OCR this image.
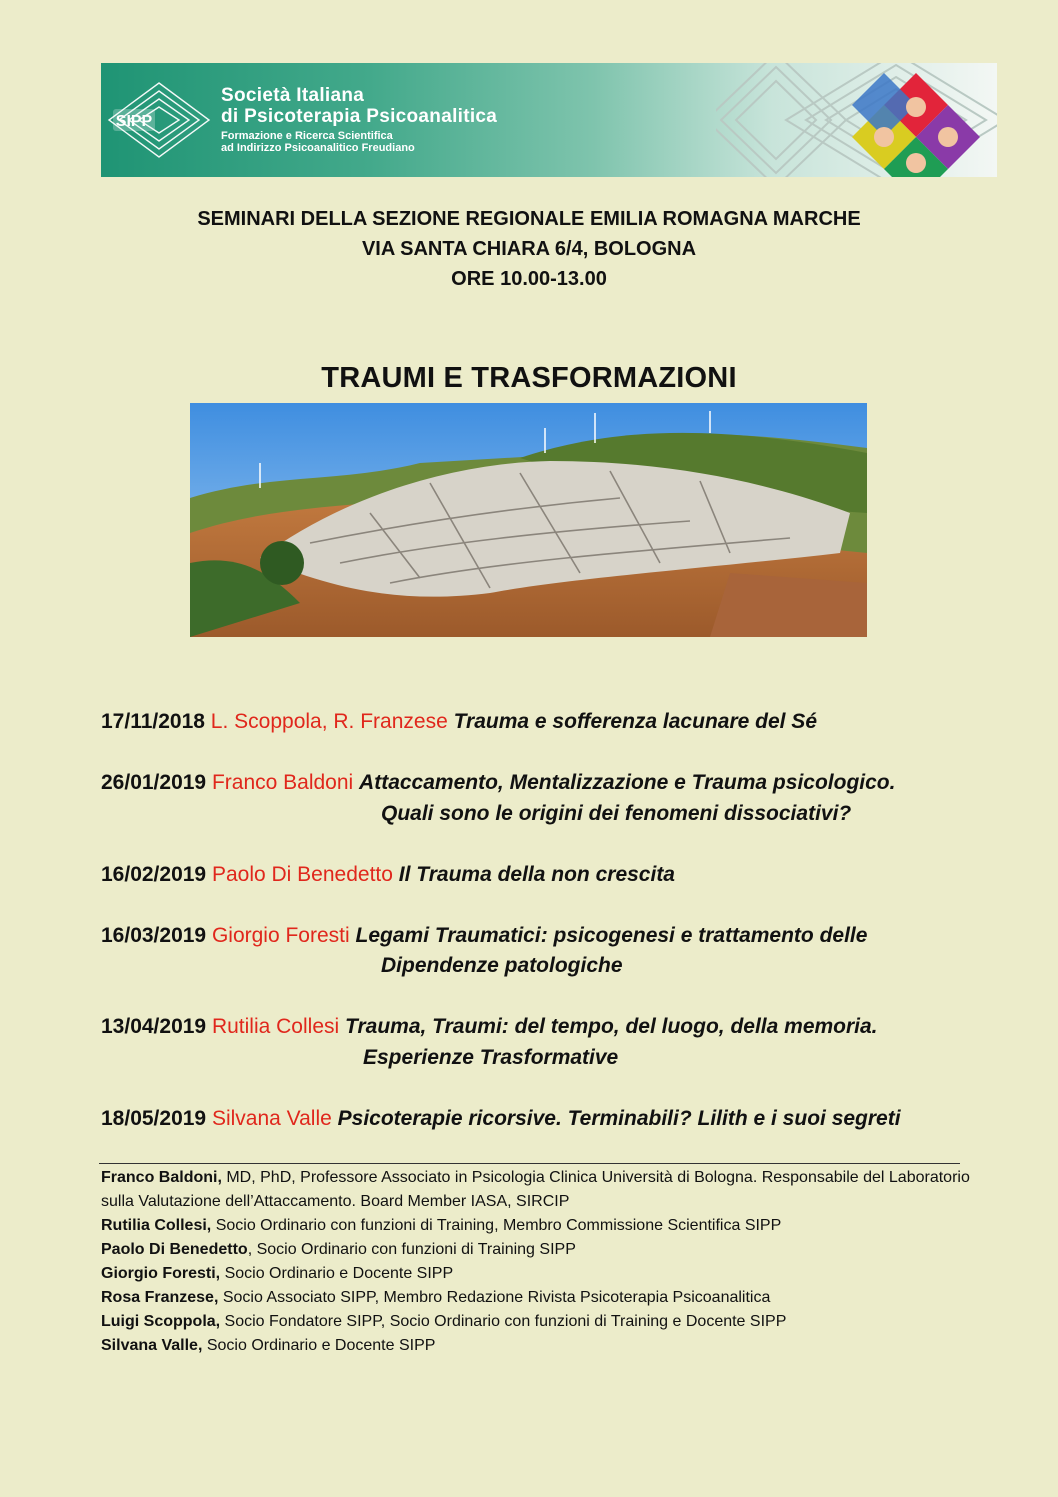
SIPP
Società Italiana
di Psicoterapia Psicoanalitica
Formazione e Ricerca Scientifica
ad Indirizzo Psicoanalitico Freudiano
SEMINARI DELLA SEZIONE REGIONALE EMILIA ROMAGNA MARCHE
VIA SANTA CHIARA 6/4, BOLOGNA
ORE 10.00-13.00
TRAUMI E TRASFORMAZIONI
17/11/2018 L. Scoppola, R. Franzese Trauma e sofferenza lacunare del Sé
26/01/2019 Franco Baldoni Attaccamento, Mentalizzazione e Trauma psicologico.
Quali sono le origini dei fenomeni dissociativi?
16/02/2019 Paolo Di Benedetto Il Trauma della non crescita
16/03/2019 Giorgio Foresti Legami Traumatici: psicogenesi e trattamento delle
Dipendenze patologiche
13/04/2019 Rutilia Collesi Trauma, Traumi: del tempo, del luogo, della memoria.
Esperienze Trasformative
18/05/2019 Silvana Valle Psicoterapie ricorsive. Terminabili? Lilith e i suoi segreti
Franco Baldoni, MD, PhD, Professore Associato in Psicologia Clinica Università di Bologna. Responsabile del Laboratorio sulla Valutazione dell’Attaccamento. Board Member IASA, SIRCIP
Rutilia Collesi, Socio Ordinario con funzioni di Training, Membro Commissione Scientifica SIPP
Paolo Di Benedetto, Socio Ordinario con funzioni di Training SIPP
Giorgio Foresti, Socio Ordinario e Docente SIPP
Rosa Franzese, Socio Associato SIPP, Membro Redazione Rivista Psicoterapia Psicoanalitica
Luigi Scoppola, Socio Fondatore SIPP, Socio Ordinario con funzioni di Training e Docente SIPP
Silvana Valle, Socio Ordinario e Docente SIPP
